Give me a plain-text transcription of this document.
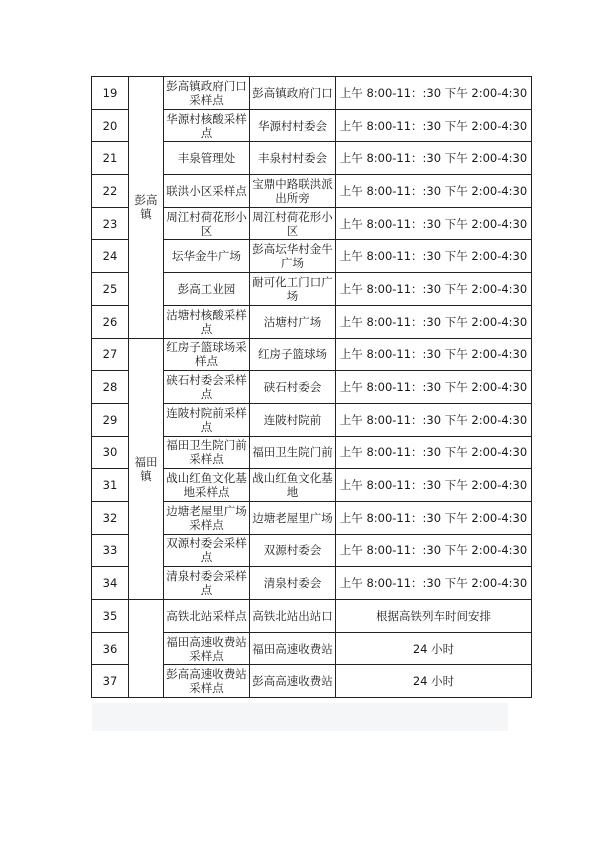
19	彭高镇	彭高镇政府门口采样点	彭高镇政府门口	上午 8:00-11：:30 下午 2:00-4:30
20		华源村核酸采样点	华源村村委会	上午 8:00-11：:30 下午 2:00-4:30
21		丰泉管理处	丰泉村村委会	上午 8:00-11：:30 下午 2:00-4:30
22		联洪小区采样点	宝鼎中路联洪派出所旁	上午 8:00-11：:30 下午 2:00-4:30
23		周江村荷花形小区	周江村荷花形小区	上午 8:00-11：:30 下午 2:00-4:30
24		坛华金牛广场	彭高坛华村金牛广场	上午 8:00-11：:30 下午 2:00-4:30
25		彭高工业园	耐可化工门口广场	上午 8:00-11：:30 下午 2:00-4:30
26		沽塘村核酸采样点	沽塘村广场	上午 8:00-11：:30 下午 2:00-4:30
27	福田镇	红房子篮球场采样点	红房子篮球场	上午 8:00-11：:30 下午 2:00-4:30
28		硖石村委会采样点	硖石村委会	上午 8:00-11：:30 下午 2:00-4:30
29		连陂村院前采样点	连陂村院前	上午 8:00-11：:30 下午 2:00-4:30
30		福田卫生院门前采样点	福田卫生院门前	上午 8:00-11：:30 下午 2:00-4:30
31		战山红鱼文化基地采样点	战山红鱼文化基地	上午 8:00-11：:30 下午 2:00-4:30
32		边塘老屋里广场采样点	边塘老屋里广场	上午 8:00-11：:30 下午 2:00-4:30
33		双源村委会采样点	双源村委会	上午 8:00-11：:30 下午 2:00-4:30
34		清泉村委会采样点	清泉村委会	上午 8:00-11：:30 下午 2:00-4:30
35		高铁北站采样点	高铁北站出站口	根据高铁列车时间安排
36		福田高速收费站采样点	福田高速收费站	24 小时
37		彭高高速收费站采样点	彭高高速收费站	24 小时
